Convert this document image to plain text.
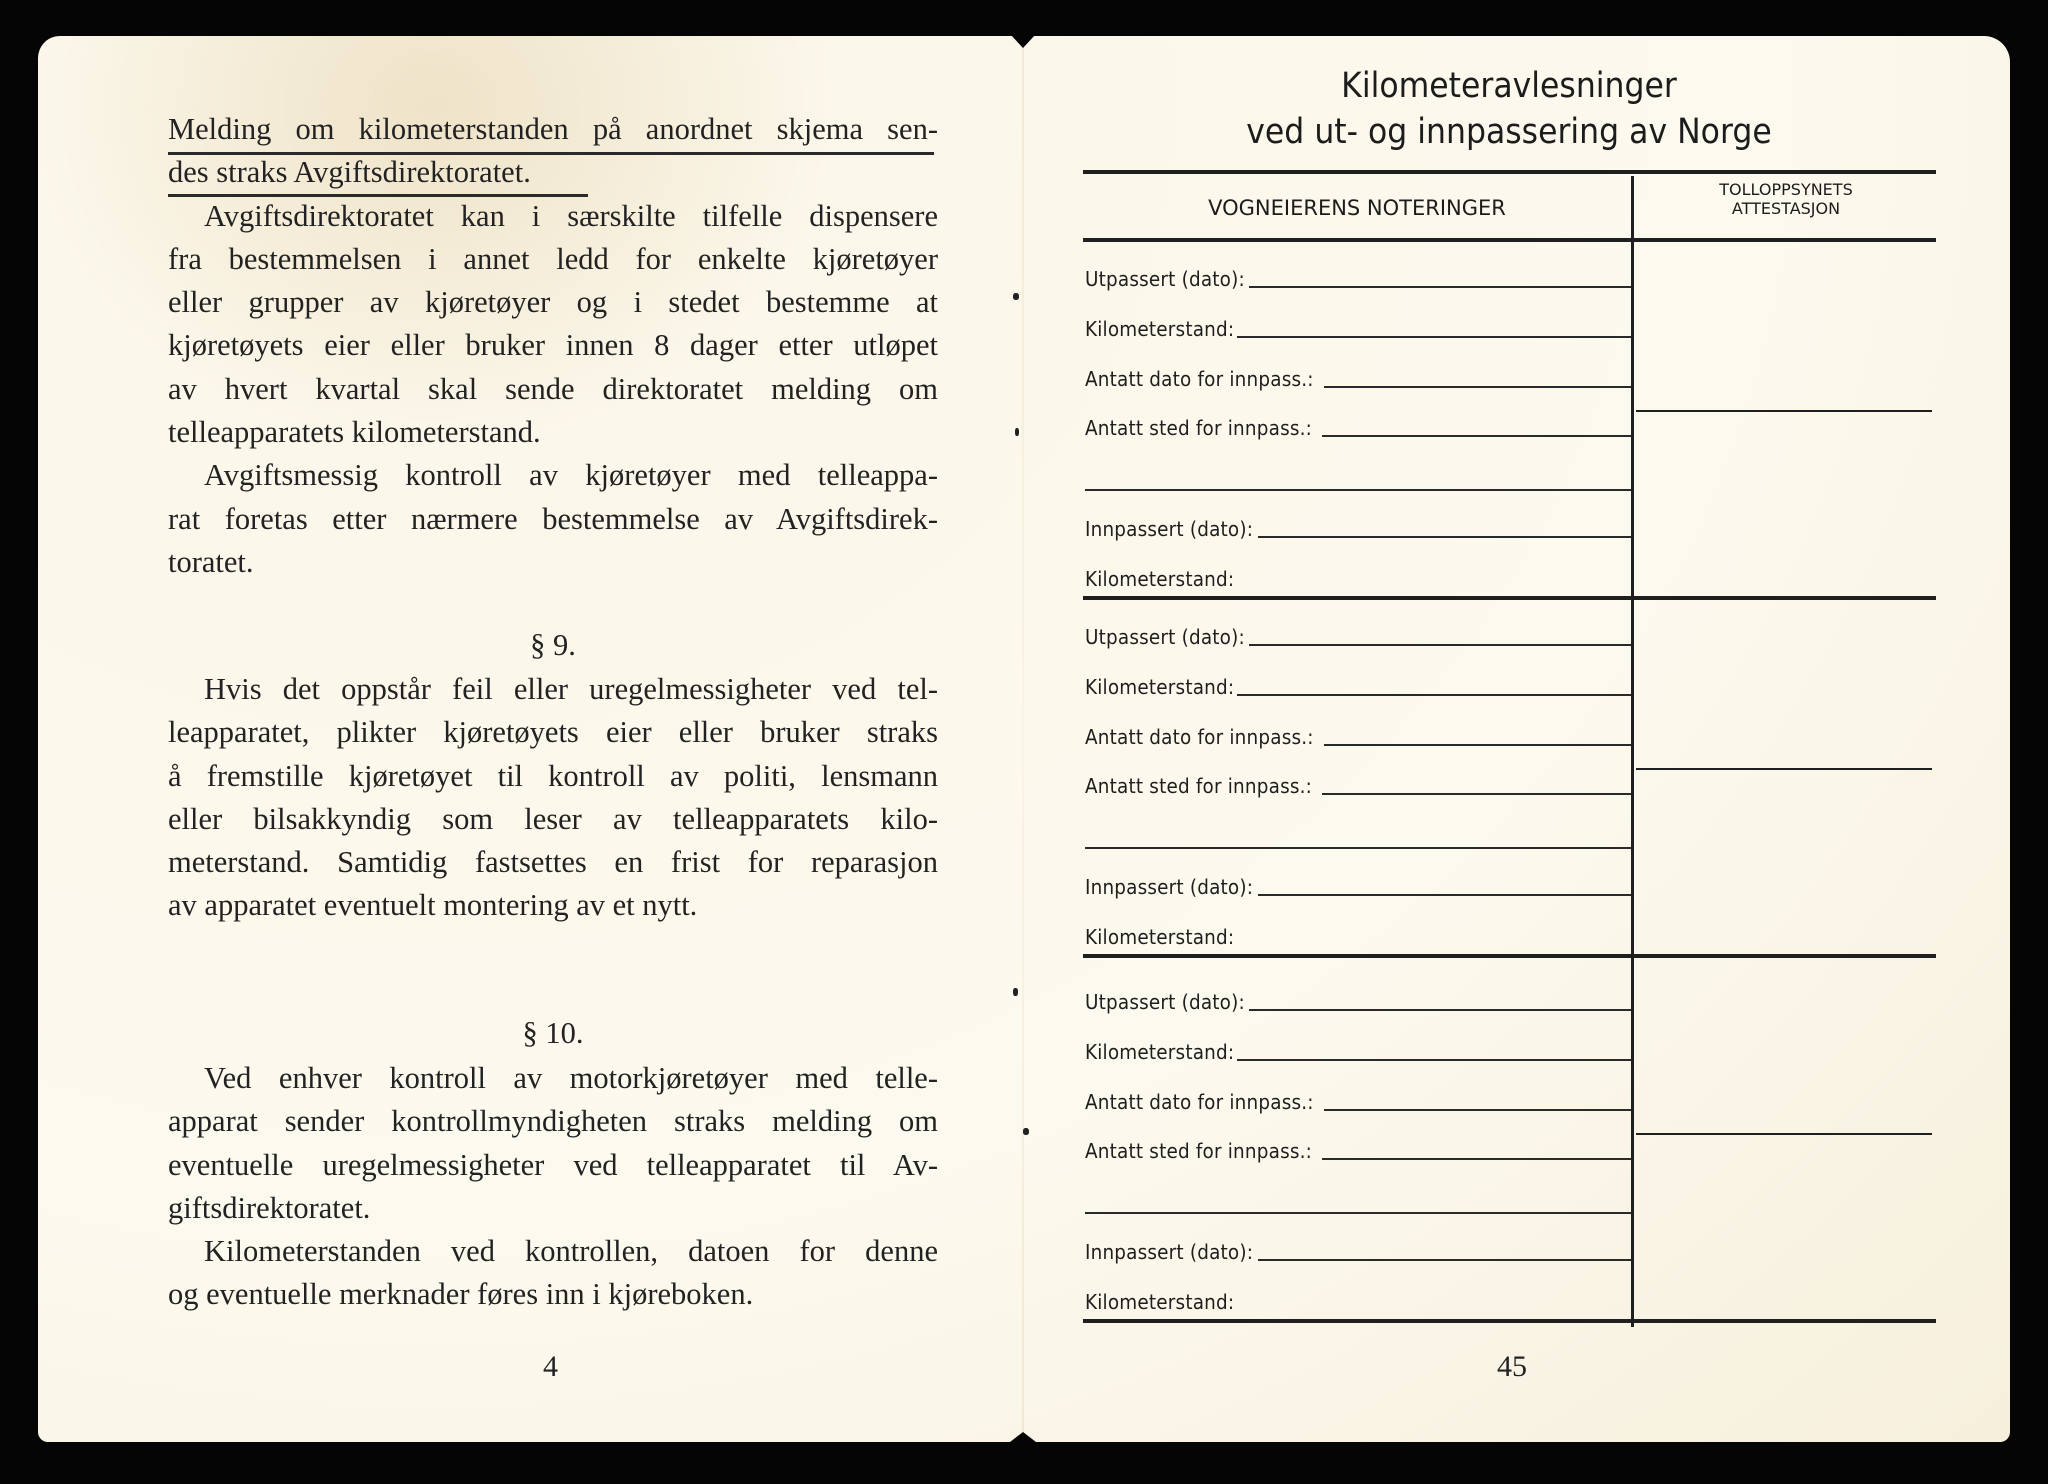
Melding om kilometerstanden på anordnet skjema sen-
des straks Avgiftsdirektoratet.
Avgiftsdirektoratet kan i særskilte tilfelle dispensere
fra bestemmelsen i annet ledd for enkelte kjøretøyer
eller grupper av kjøretøyer og i stedet bestemme at
kjøretøyets eier eller bruker innen 8 dager etter utløpet
av hvert kvartal skal sende direktoratet melding om
telleapparatets kilometerstand.
Avgiftsmessig kontroll av kjøretøyer med telleappa-
rat foretas etter nærmere bestemmelse av Avgiftsdirek-
toratet.
§ 9.
Hvis det oppstår feil eller uregelmessigheter ved tel-
leapparatet, plikter kjøretøyets eier eller bruker straks
å fremstille kjøretøyet til kontroll av politi, lensmann
eller bilsakkyndig som leser av telleapparatets kilo-
meterstand. Samtidig fastsettes en frist for reparasjon
av apparatet eventuelt montering av et nytt.
§ 10.
Ved enhver kontroll av motorkjøretøyer med telle-
apparat sender kontrollmyndigheten straks melding om
eventuelle uregelmessigheter ved telleapparatet til Av-
giftsdirektoratet.
Kilometerstanden ved kontrollen, datoen for denne
og eventuelle merknader føres inn i kjøreboken.
4
Kilometeravlesninger
ved ut- og innpassering av Norge
VOGNEIERENS NOTERINGER
TOLLOPPSYNETS
ATTESTASJON
Utpassert (dato):
Kilometerstand:
Antatt dato for innpass.:
Antatt sted for innpass.:
Innpassert (dato):
Kilometerstand:
Utpassert (dato):
Kilometerstand:
Antatt dato for innpass.:
Antatt sted for innpass.:
Innpassert (dato):
Kilometerstand:
Utpassert (dato):
Kilometerstand:
Antatt dato for innpass.:
Antatt sted for innpass.:
Innpassert (dato):
Kilometerstand:
45
